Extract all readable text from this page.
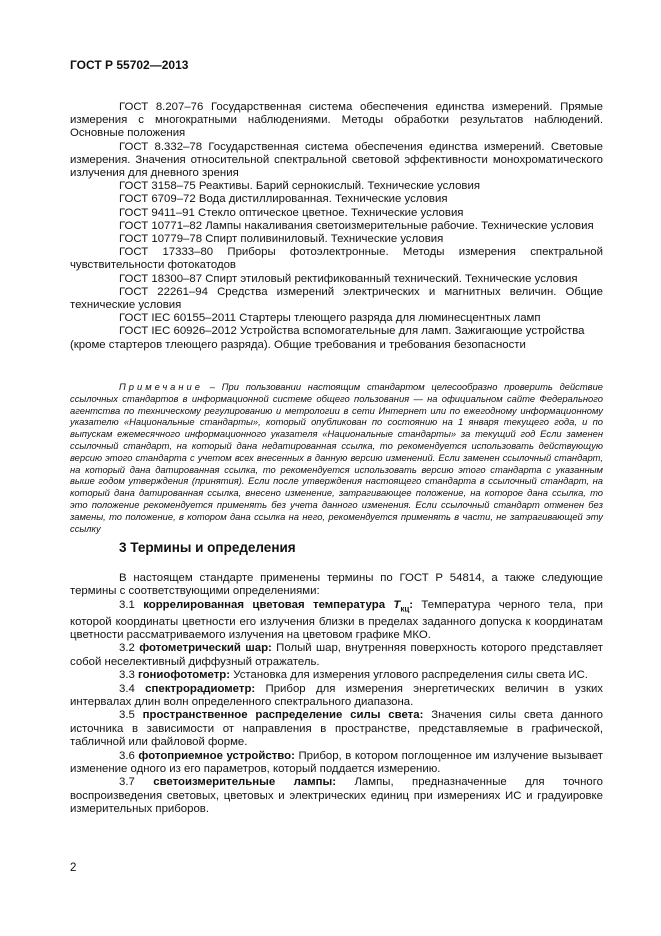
ГОСТ Р 55702—2013

ГОСТ 8.207–76 Государственная система обеспечения единства измерений. Прямые измерения с многократными наблюдениями. Методы обработки результатов наблюдений. Основные положения

ГОСТ 8.332–78 Государственная система обеспечения единства измерений. Световые измерения. Значения относительной спектральной световой эффективности монохроматического излучения для дневного зрения

ГОСТ 3158–75 Реактивы. Барий сернокислый. Технические условия

ГОСТ 6709–72 Вода дистиллированная. Технические условия

ГОСТ 9411–91 Стекло оптическое цветное. Технические условия

ГОСТ 10771–82 Лампы накаливания светоизмерительные рабочие. Технические условия

ГОСТ 10779–78 Спирт поливиниловый. Технические условия

ГОСТ 17333–80 Приборы фотоэлектронные. Методы измерения спектральной чувствительности фотокатодов

ГОСТ 18300–87 Спирт этиловый ректификованный технический. Технические условия

ГОСТ 22261–94 Средства измерений электрических и магнитных величин. Общие технические условия

ГОСТ IEC 60155–2011 Стартеры тлеющего разряда для люминесцентных ламп

ГОСТ IEC 60926–2012 Устройства вспомогательные для ламп. Зажигающие устройства (кроме стартеров тлеющего разряда). Общие требования и требования безопасности

Примечание – При пользовании настоящим стандартом целесообразно проверить действие ссылочных стандартов в информационной системе общего пользования — на официальном сайте Федерального агентства по техническому регулированию и метрологии в сети Интернет или по ежегодному информационному указателю «Национальные стандарты», который опубликован по состоянию на 1 января текущего года, и по выпускам ежемесячного информационного указателя «Национальные стандарты» за текущий год Если заменен ссылочный стандарт, на который дана недатированная ссылка, то рекомендуется использовать действующую версию этого стандарта с учетом всех внесенных в данную версию изменений. Если заменен ссылочный стандарт, на который дана датированная ссылка, то рекомендуется использовать версию этого стандарта с указанным выше годом утверждения (принятия). Если после утверждения настоящего стандарта в ссылочный стандарт, на который дана датированная ссылка, внесено изменение, затрагивающее положение, на которое дана ссылка, то это положение рекомендуется применять без учета данного изменения. Если ссылочный стандарт отменен без замены, то положение, в котором дана ссылка на него, рекомендуется применять в части, не затрагивающей эту ссылку

3 Термины и определения

В настоящем стандарте применены термины по ГОСТ Р 54814, а также следующие термины с соответствующими определениями:

3.1 коррелированная цветовая температура $T_{кц}$: Температура черного тела, при которой координаты цветности его излучения близки в пределах заданного допуска к координатам цветности рассматриваемого излучения на цветовом графике МКО.

3.2 фотометрический шар: Полый шар, внутренняя поверхность которого представляет собой неселективный диффузный отражатель.

3.3 гониофотометр: Установка для измерения углового распределения силы света ИС.

3.4 спектрорадиометр: Прибор для измерения энергетических величин в узких интервалах длин волн определенного спектрального диапазона.

3.5 пространственное распределение силы света: Значения силы света данного источника в зависимости от направления в пространстве, представляемые в графической, табличной или файловой форме.

3.6 фотоприемное устройство: Прибор, в котором поглощенное им излучение вызывает изменение одного из его параметров, который поддается измерению.

3.7 светоизмерительные лампы: Лампы, предназначенные для точного воспроизведения световых, цветовых и электрических единиц при измерениях ИС и градуировке измерительных приборов.

2
